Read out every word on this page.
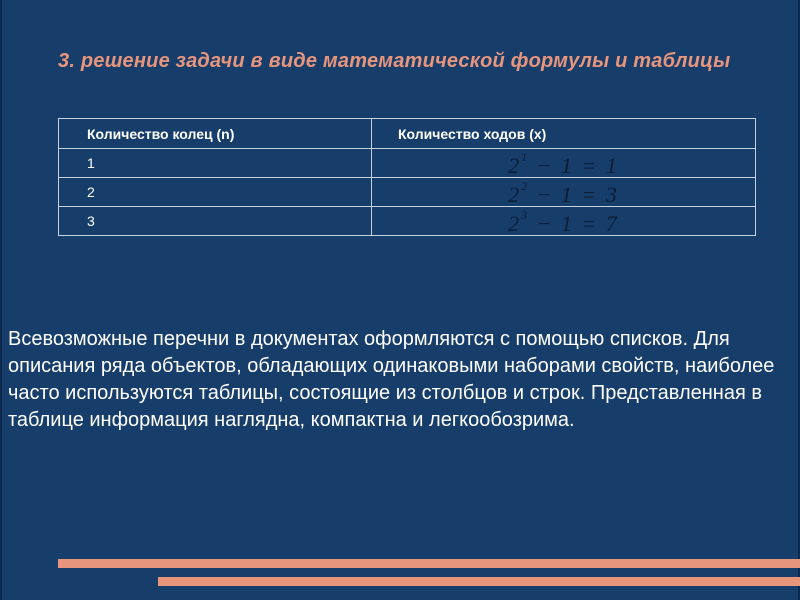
3. решение задачи в виде математической формулы и таблицы
Количество колец (n)	Количество ходов (x)
1	$2^1 - 1 = 1$
2	$2^2 - 1 = 3$
3	$2^3 - 1 = 7$
Всевозможные перечни в документах оформляются с помощью списков. Для описания ряда объектов, обладающих одинаковыми наборами свойств, наиболее часто используются таблицы, состоящие из столбцов и строк. Представленная в таблице информация наглядна, компактна и легкообозрима.
